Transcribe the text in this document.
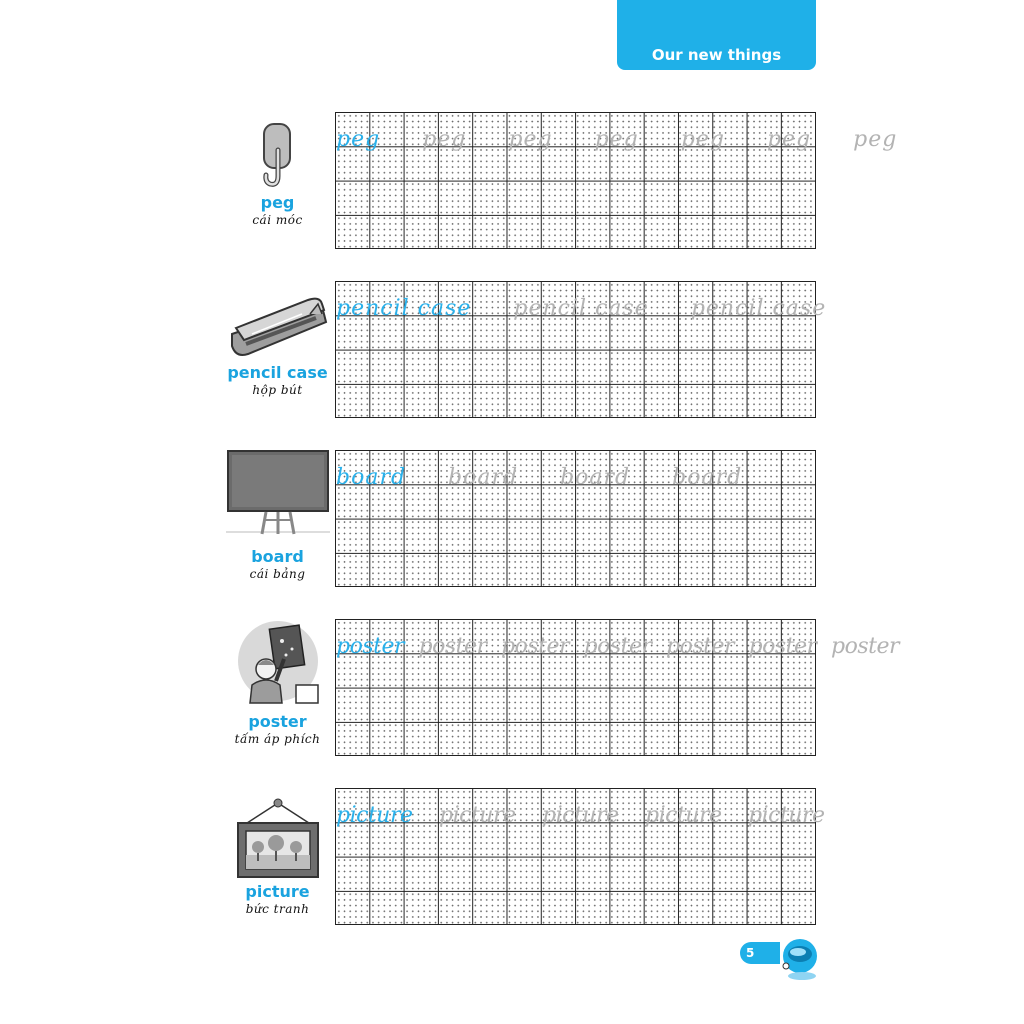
Our new things
peg
cái móc
pencil case
hộp bút
board
cái bảng
poster
tấm áp phích
picture
bức tranh
peg peg peg peg peg peg peg
pencil case pencil case pencil case
board board board board
poster poster poster poster poster poster poster
picture picture picture picture picture
5
